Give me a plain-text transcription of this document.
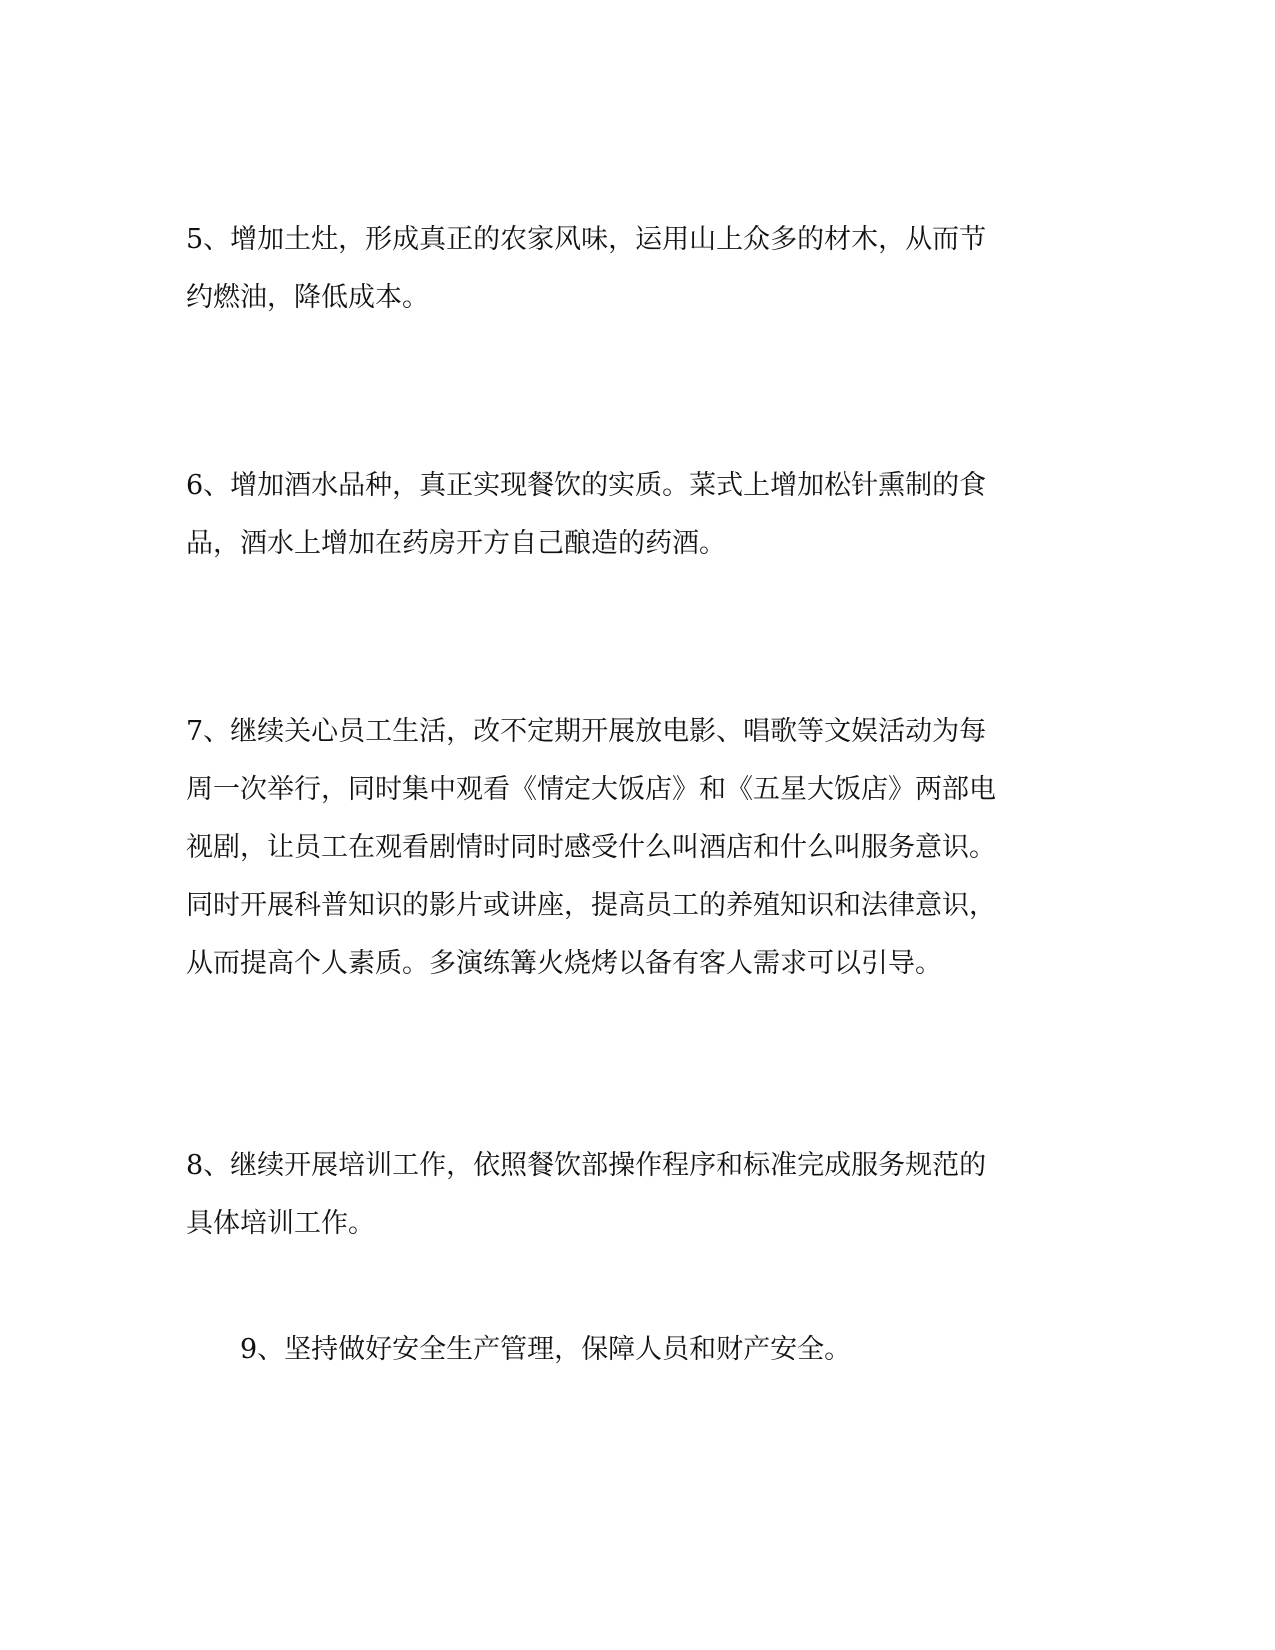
5、增加土灶，形成真正的农家风味，运用山上众多的材木，从而节
约燃油，降低成本。
6、增加酒水品种，真正实现餐饮的实质。菜式上增加松针熏制的食
品，酒水上增加在药房开方自己酿造的药酒。
7、继续关心员工生活，改不定期开展放电影、唱歌等文娱活动为每
周一次举行，同时集中观看《情定大饭店》和《五星大饭店》两部电
视剧，让员工在观看剧情时同时感受什么叫酒店和什么叫服务意识。
同时开展科普知识的影片或讲座，提高员工的养殖知识和法律意识，
从而提高个人素质。多演练篝火烧烤以备有客人需求可以引导。
8、继续开展培训工作，依照餐饮部操作程序和标准完成服务规范的
具体培训工作。
9、坚持做好安全生产管理，保障人员和财产安全。
